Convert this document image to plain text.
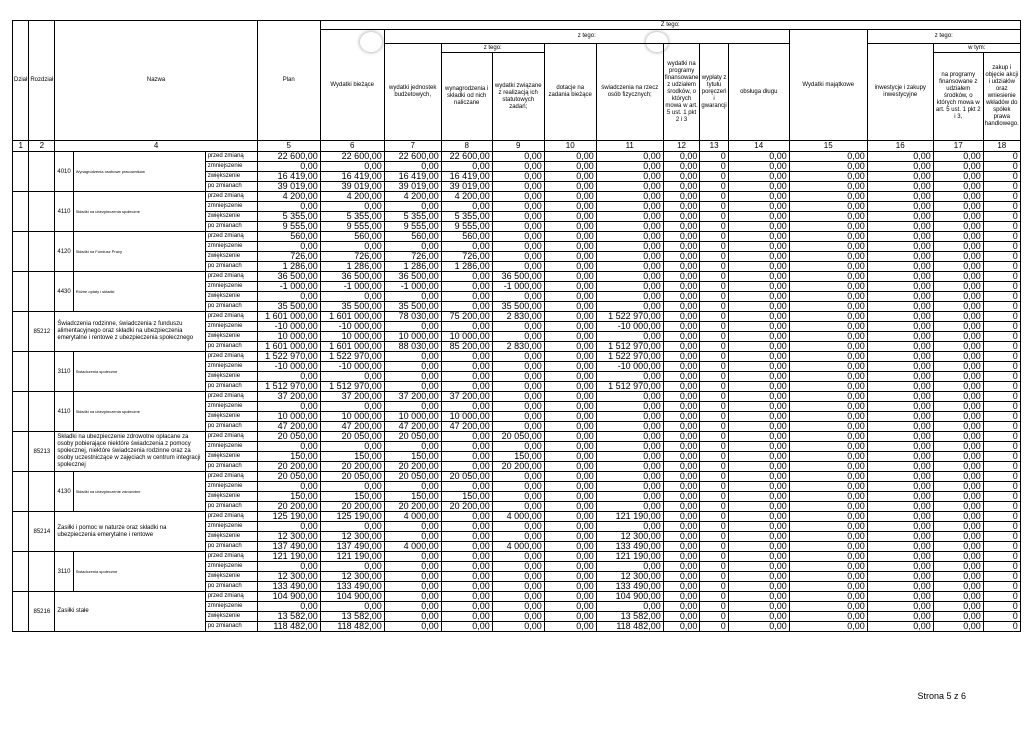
Dział	Rozdział	Nazwa			Plan	Z tego:												
						Wydatki bieżące	z tego:								Wydatki majątkowe	z tego:		
							wydatki jednostek budżetowych,	z tego:		dotacje na zadania bieżące	świadczenia na rzecz osób fizycznych;	wydatki na programy finansowane z udziałem środków, o których mowa w art. 5 ust. 1 pkt 2 i 3	wypłaty z tytułu poręczeń i gwarancji	obsługa długu		inwestycje i zakupy inwestycyjne	w tym:	
								wynagrodzenia i składki od nich naliczane	wydatki związane z realizacją ich statutowych zadań;								na programy finansowane z udziałem środków, o których mowa w art. 5 ust. 1 pkt 2 i 3,	zakup i objęcie akcji i udziałów oraz wniesienie wkładów do spółek prawa handlowego.

1	2	4			5	6	7	8	9	10	11	12	13	14	15	16	17	18
		4010	Wynagrodzenia osobowe pracowników	przed zmianą	22 600,00	22 600,00	22 600,00	22 600,00	0,00	0,00	0,00	0,00	0	0,00	0,00	0,00	0,00	0
				zmniejszenie	0,00	0,00	0,00	0,00	0,00	0,00	0,00	0,00	0	0,00	0,00	0,00	0,00	0
				zwiększenie	16 419,00	16 419,00	16 419,00	16 419,00	0,00	0,00	0,00	0,00	0	0,00	0,00	0,00	0,00	0
				po zmianach	39 019,00	39 019,00	39 019,00	39 019,00	0,00	0,00	0,00	0,00	0	0,00	0,00	0,00	0,00	0
		4110	Składki na ubezpieczenia społeczne	przed zmianą	4 200,00	4 200,00	4 200,00	4 200,00	0,00	0,00	0,00	0,00	0	0,00	0,00	0,00	0,00	0
				zmniejszenie	0,00	0,00	0,00	0,00	0,00	0,00	0,00	0,00	0	0,00	0,00	0,00	0,00	0
				zwiększenie	5 355,00	5 355,00	5 355,00	5 355,00	0,00	0,00	0,00	0,00	0	0,00	0,00	0,00	0,00	0
				po zmianach	9 555,00	9 555,00	9 555,00	9 555,00	0,00	0,00	0,00	0,00	0	0,00	0,00	0,00	0,00	0
		4120	Składki na Fundusz Pracy	przed zmianą	560,00	560,00	560,00	560,00	0,00	0,00	0,00	0,00	0	0,00	0,00	0,00	0,00	0
				zmniejszenie	0,00	0,00	0,00	0,00	0,00	0,00	0,00	0,00	0	0,00	0,00	0,00	0,00	0
				zwiększenie	726,00	726,00	726,00	726,00	0,00	0,00	0,00	0,00	0	0,00	0,00	0,00	0,00	0
				po zmianach	1 286,00	1 286,00	1 286,00	1 286,00	0,00	0,00	0,00	0,00	0	0,00	0,00	0,00	0,00	0
		4430	Różne opłaty i składki	przed zmianą	36 500,00	36 500,00	36 500,00	0,00	36 500,00	0,00	0,00	0,00	0	0,00	0,00	0,00	0,00	0
				zmniejszenie	-1 000,00	-1 000,00	-1 000,00	0,00	-1 000,00	0,00	0,00	0,00	0	0,00	0,00	0,00	0,00	0
				zwiększenie	0,00	0,00	0,00	0,00	0,00	0,00	0,00	0,00	0	0,00	0,00	0,00	0,00	0
				po zmianach	35 500,00	35 500,00	35 500,00	0,00	35 500,00	0,00	0,00	0,00	0	0,00	0,00	0,00	0,00	0
	85212	Świadczenia rodzinne, świadczenia z funduszu alimentacyjnego oraz składki na ubezpieczenia emerytalne i rentowe z ubezpieczenia społecznego		przed zmianą	1 601 000,00	1 601 000,00	78 030,00	75 200,00	2 830,00	0,00	1 522 970,00	0,00	0	0,00	0,00	0,00	0,00	0
				zmniejszenie	-10 000,00	-10 000,00	0,00	0,00	0,00	0,00	-10 000,00	0,00	0	0,00	0,00	0,00	0,00	0
				zwiększenie	10 000,00	10 000,00	10 000,00	10 000,00	0,00	0,00	0,00	0,00	0	0,00	0,00	0,00	0,00	0
				po zmianach	1 601 000,00	1 601 000,00	88 030,00	85 200,00	2 830,00	0,00	1 512 970,00	0,00	0	0,00	0,00	0,00	0,00	0
		3110	Świadczenia społeczne	przed zmianą	1 522 970,00	1 522 970,00	0,00	0,00	0,00	0,00	1 522 970,00	0,00	0	0,00	0,00	0,00	0,00	0
				zmniejszenie	-10 000,00	-10 000,00	0,00	0,00	0,00	0,00	-10 000,00	0,00	0	0,00	0,00	0,00	0,00	0
				zwiększenie	0,00	0,00	0,00	0,00	0,00	0,00	0,00	0,00	0	0,00	0,00	0,00	0,00	0
				po zmianach	1 512 970,00	1 512 970,00	0,00	0,00	0,00	0,00	1 512 970,00	0,00	0	0,00	0,00	0,00	0,00	0
		4110	Składki na ubezpieczenia społeczne	przed zmianą	37 200,00	37 200,00	37 200,00	37 200,00	0,00	0,00	0,00	0,00	0	0,00	0,00	0,00	0,00	0
				zmniejszenie	0,00	0,00	0,00	0,00	0,00	0,00	0,00	0,00	0	0,00	0,00	0,00	0,00	0
				zwiększenie	10 000,00	10 000,00	10 000,00	10 000,00	0,00	0,00	0,00	0,00	0	0,00	0,00	0,00	0,00	0
				po zmianach	47 200,00	47 200,00	47 200,00	47 200,00	0,00	0,00	0,00	0,00	0	0,00	0,00	0,00	0,00	0
	85213	Składki na ubezpieczenie zdrowotne opłacane za osoby pobierające niektóre świadczenia z pomocy społecznej, niektóre świadczenia rodzinne oraz za osoby uczestniczące w zajęciach w centrum integracji społecznej		przed zmianą	20 050,00	20 050,00	20 050,00	0,00	20 050,00	0,00	0,00	0,00	0	0,00	0,00	0,00	0,00	0
				zmniejszenie	0,00	0,00	0,00	0,00	0,00	0,00	0,00	0,00	0	0,00	0,00	0,00	0,00	0
				zwiększenie	150,00	150,00	150,00	0,00	150,00	0,00	0,00	0,00	0	0,00	0,00	0,00	0,00	0
				po zmianach	20 200,00	20 200,00	20 200,00	0,00	20 200,00	0,00	0,00	0,00	0	0,00	0,00	0,00	0,00	0
		4130	Składki na ubezpieczenie zdrowotne	przed zmianą	20 050,00	20 050,00	20 050,00	20 050,00	0,00	0,00	0,00	0,00	0	0,00	0,00	0,00	0,00	0
				zmniejszenie	0,00	0,00	0,00	0,00	0,00	0,00	0,00	0,00	0	0,00	0,00	0,00	0,00	0
				zwiększenie	150,00	150,00	150,00	150,00	0,00	0,00	0,00	0,00	0	0,00	0,00	0,00	0,00	0
				po zmianach	20 200,00	20 200,00	20 200,00	20 200,00	0,00	0,00	0,00	0,00	0	0,00	0,00	0,00	0,00	0
	85214	Zasiłki i pomoc w naturze oraz składki na ubezpieczenia emerytalne i rentowe		przed zmianą	125 190,00	125 190,00	4 000,00	0,00	4 000,00	0,00	121 190,00	0,00	0	0,00	0,00	0,00	0,00	0
				zmniejszenie	0,00	0,00	0,00	0,00	0,00	0,00	0,00	0,00	0	0,00	0,00	0,00	0,00	0
				zwiększenie	12 300,00	12 300,00	0,00	0,00	0,00	0,00	12 300,00	0,00	0	0,00	0,00	0,00	0,00	0
				po zmianach	137 490,00	137 490,00	4 000,00	0,00	4 000,00	0,00	133 490,00	0,00	0	0,00	0,00	0,00	0,00	0
		3110	Świadczenia społeczne	przed zmianą	121 190,00	121 190,00	0,00	0,00	0,00	0,00	121 190,00	0,00	0	0,00	0,00	0,00	0,00	0
				zmniejszenie	0,00	0,00	0,00	0,00	0,00	0,00	0,00	0,00	0	0,00	0,00	0,00	0,00	0
				zwiększenie	12 300,00	12 300,00	0,00	0,00	0,00	0,00	12 300,00	0,00	0	0,00	0,00	0,00	0,00	0
				po zmianach	133 490,00	133 490,00	0,00	0,00	0,00	0,00	133 490,00	0,00	0	0,00	0,00	0,00	0,00	0
	85216	Zasiłki stałe		przed zmianą	104 900,00	104 900,00	0,00	0,00	0,00	0,00	104 900,00	0,00	0	0,00	0,00	0,00	0,00	0
				zmniejszenie	0,00	0,00	0,00	0,00	0,00	0,00	0,00	0,00	0	0,00	0,00	0,00	0,00	0
				zwiększenie	13 582,00	13 582,00	0,00	0,00	0,00	0,00	13 582,00	0,00	0	0,00	0,00	0,00	0,00	0
				po zmianach	118 482,00	118 482,00	0,00	0,00	0,00	0,00	118 482,00	0,00	0	0,00	0,00	0,00	0,00	0
Strona 5 z 6
